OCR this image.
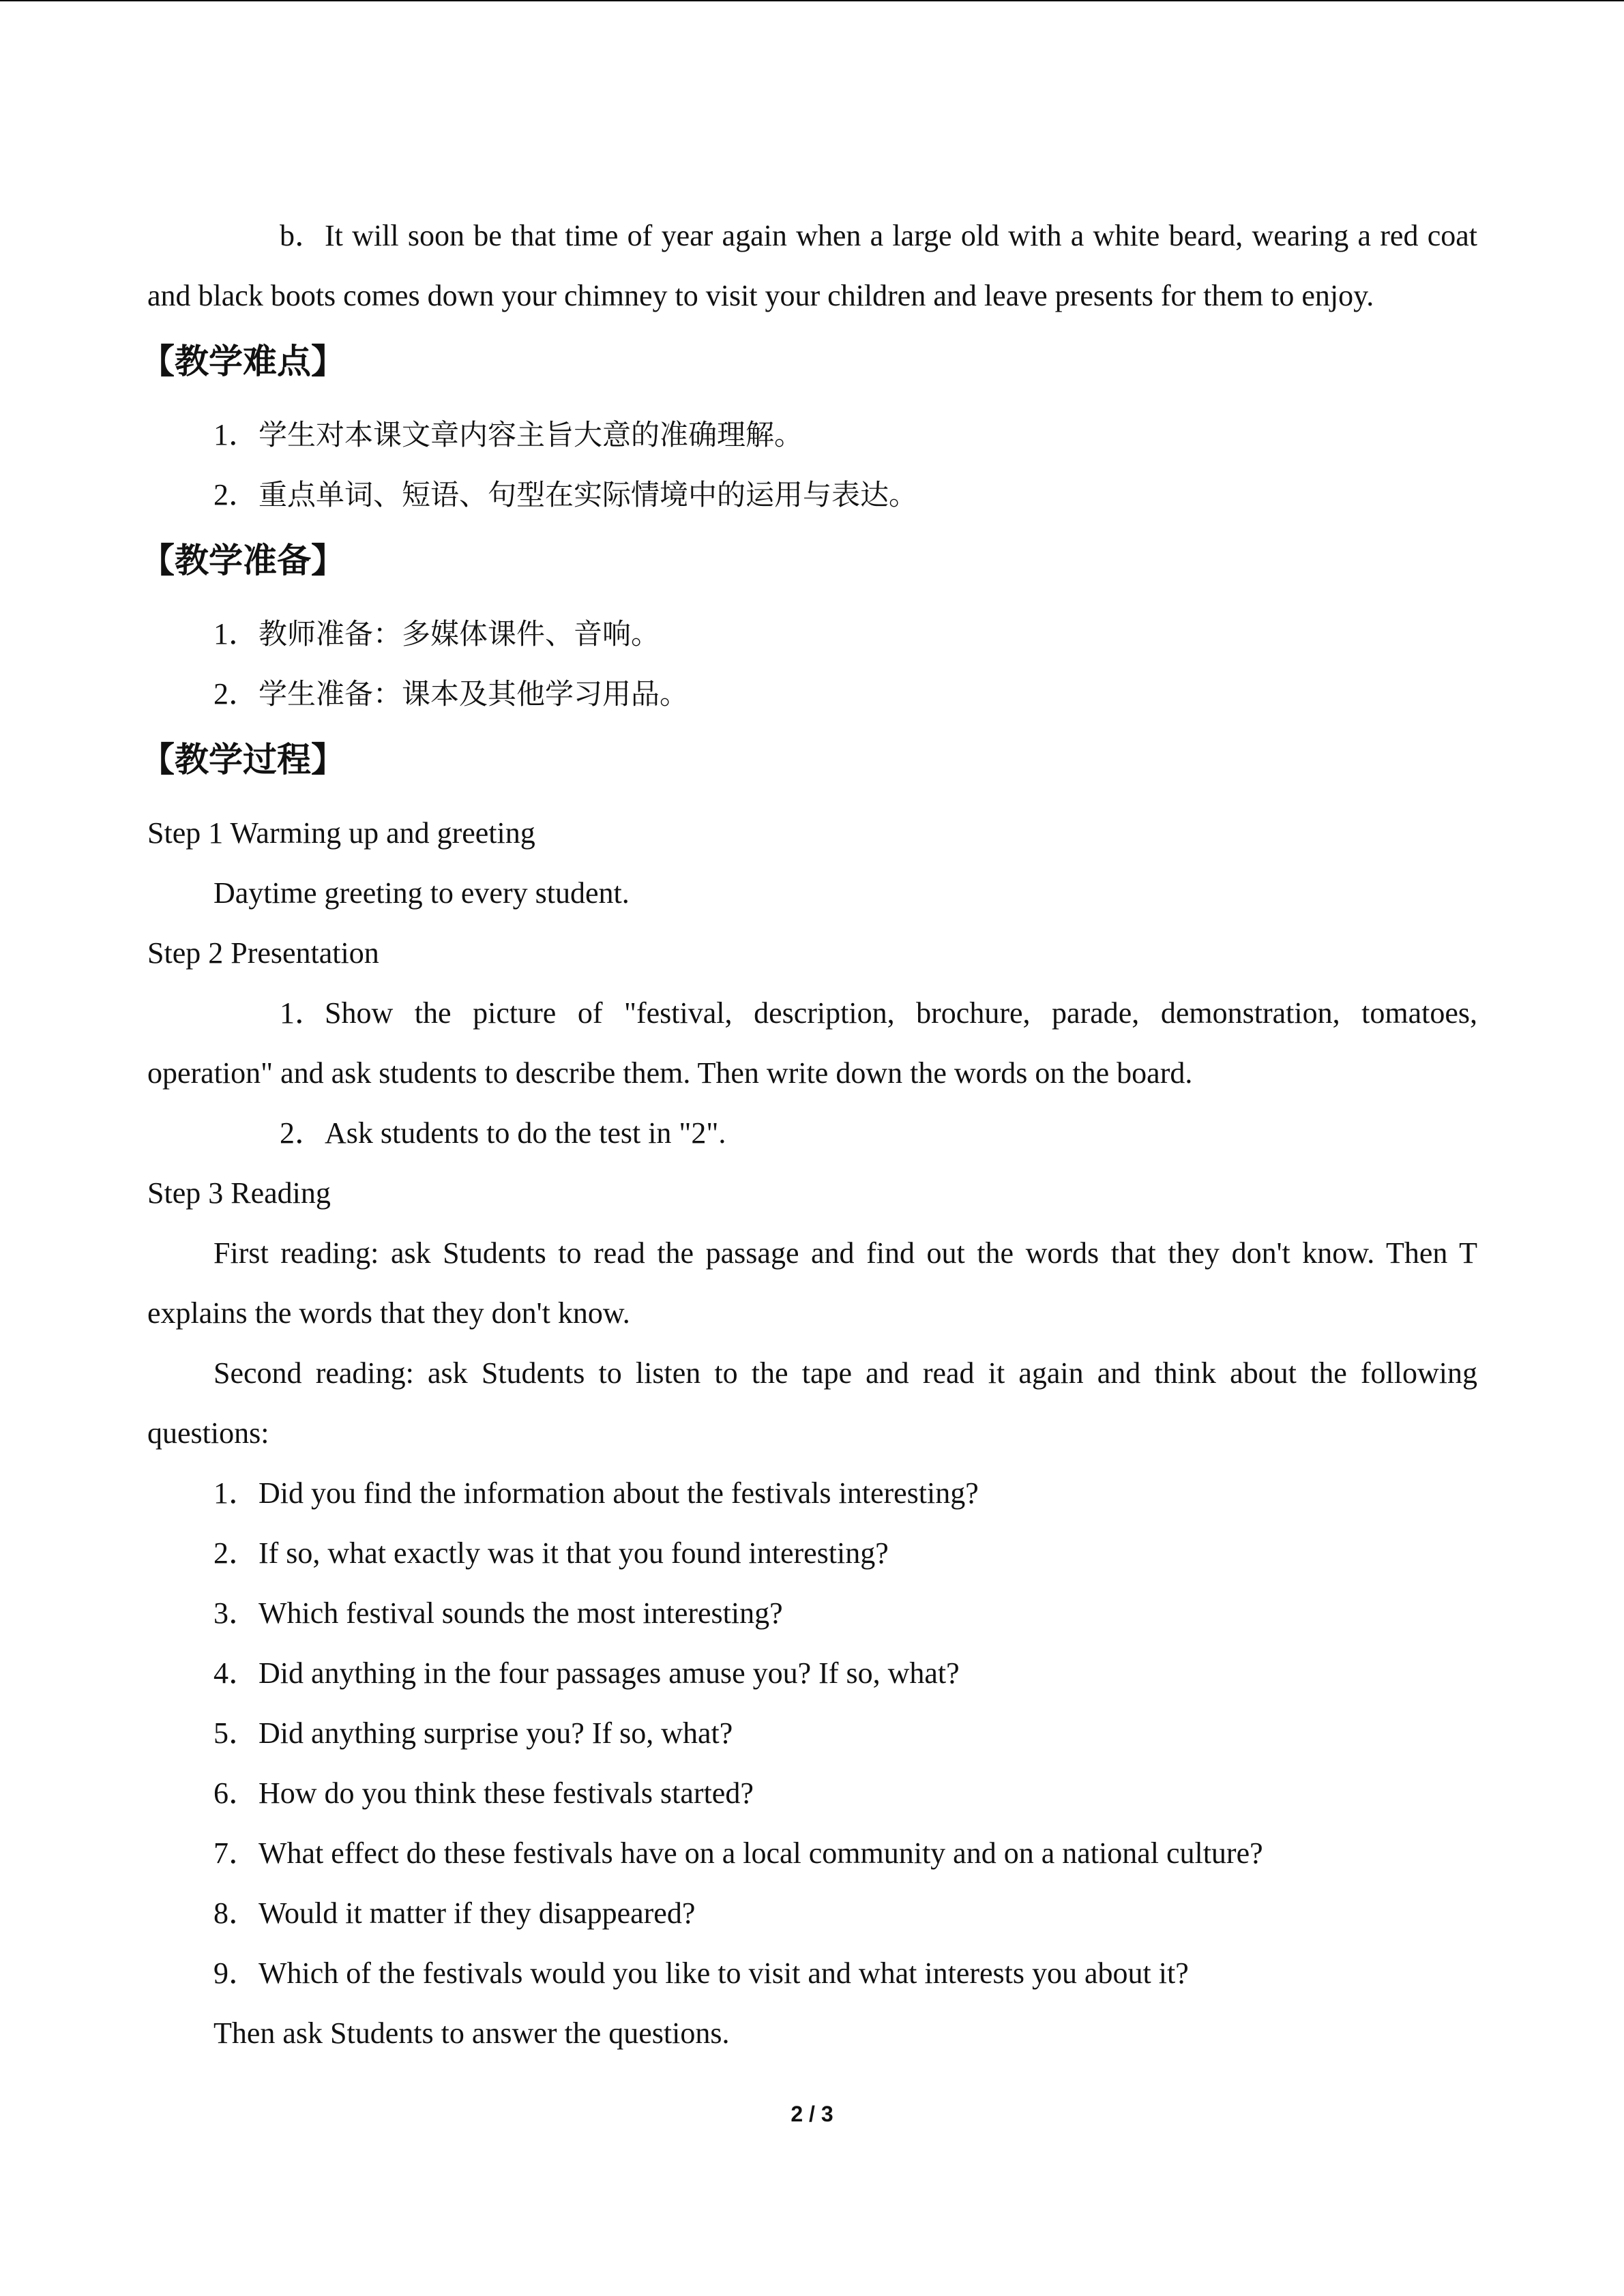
b．It will soon be that time of year again when a large old with a white beard, wearing a red coat and black boots comes down your chimney to visit your children and leave presents for them to enjoy.

【教学难点】

1．学生对本课文章内容主旨大意的准确理解。

2．重点单词、短语、句型在实际情境中的运用与表达。

【教学准备】

1．教师准备：多媒体课件、音响。

2．学生准备：课本及其他学习用品。

【教学过程】

Step 1 Warming up and greeting

Daytime greeting to every student.

Step 2 Presentation

1．Show the picture of "festival, description, brochure, parade, demonstration, tomatoes, operation" and ask students to describe them. Then write down the words on the board.

2．Ask students to do the test in "2".

Step 3 Reading

First reading: ask Students to read the passage and find out the words that they don't know. Then T explains the words that they don't know.

Second reading: ask Students to listen to the tape and read it again and think about the following questions:

1．Did you find the information about the festivals interesting?

2．If so, what exactly was it that you found interesting?

3．Which festival sounds the most interesting?

4．Did anything in the four passages amuse you? If so, what?

5．Did anything surprise you? If so, what?

6．How do you think these festivals started?

7．What effect do these festivals have on a local community and on a national culture?

8．Would it matter if they disappeared?

9．Which of the festivals would you like to visit and what interests you about it?

Then ask Students to answer the questions.

2 / 3
